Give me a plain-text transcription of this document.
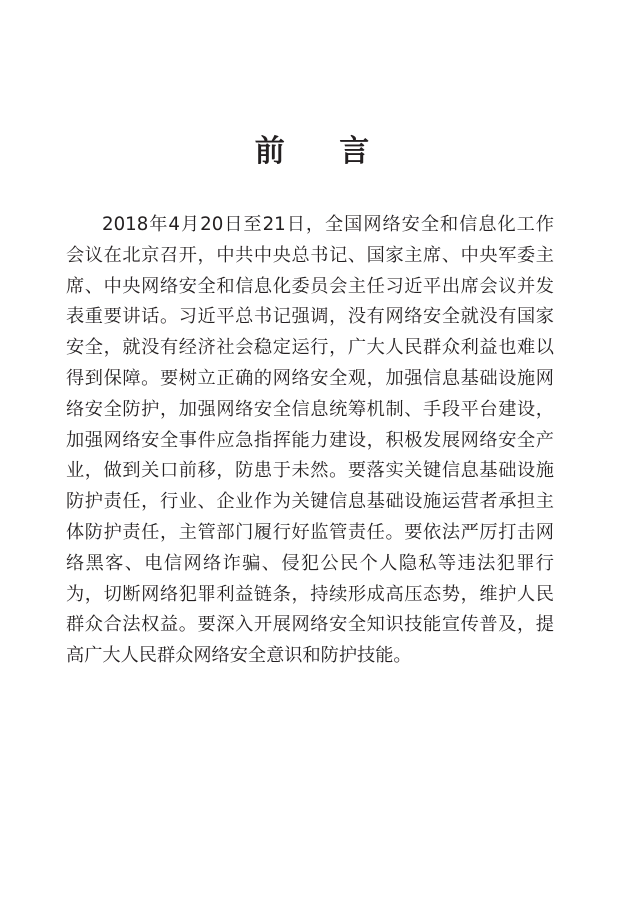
前 言
2018年4月20日至21日，全国网络安全和信息化工作
会议在北京召开，中共中央总书记、国家主席、中央军委主
席、中央网络安全和信息化委员会主任习近平出席会议并发
表重要讲话。习近平总书记强调，没有网络安全就没有国家
安全，就没有经济社会稳定运行，广大人民群众利益也难以
得到保障。要树立正确的网络安全观，加强信息基础设施网
络安全防护，加强网络安全信息统筹机制、手段平台建设，
加强网络安全事件应急指挥能力建设，积极发展网络安全产
业，做到关口前移，防患于未然。要落实关键信息基础设施
防护责任，行业、企业作为关键信息基础设施运营者承担主
体防护责任，主管部门履行好监管责任。要依法严厉打击网
络黑客、电信网络诈骗、侵犯公民个人隐私等违法犯罪行
为，切断网络犯罪利益链条，持续形成高压态势，维护人民
群众合法权益。要深入开展网络安全知识技能宣传普及，提
高广大人民群众网络安全意识和防护技能。
